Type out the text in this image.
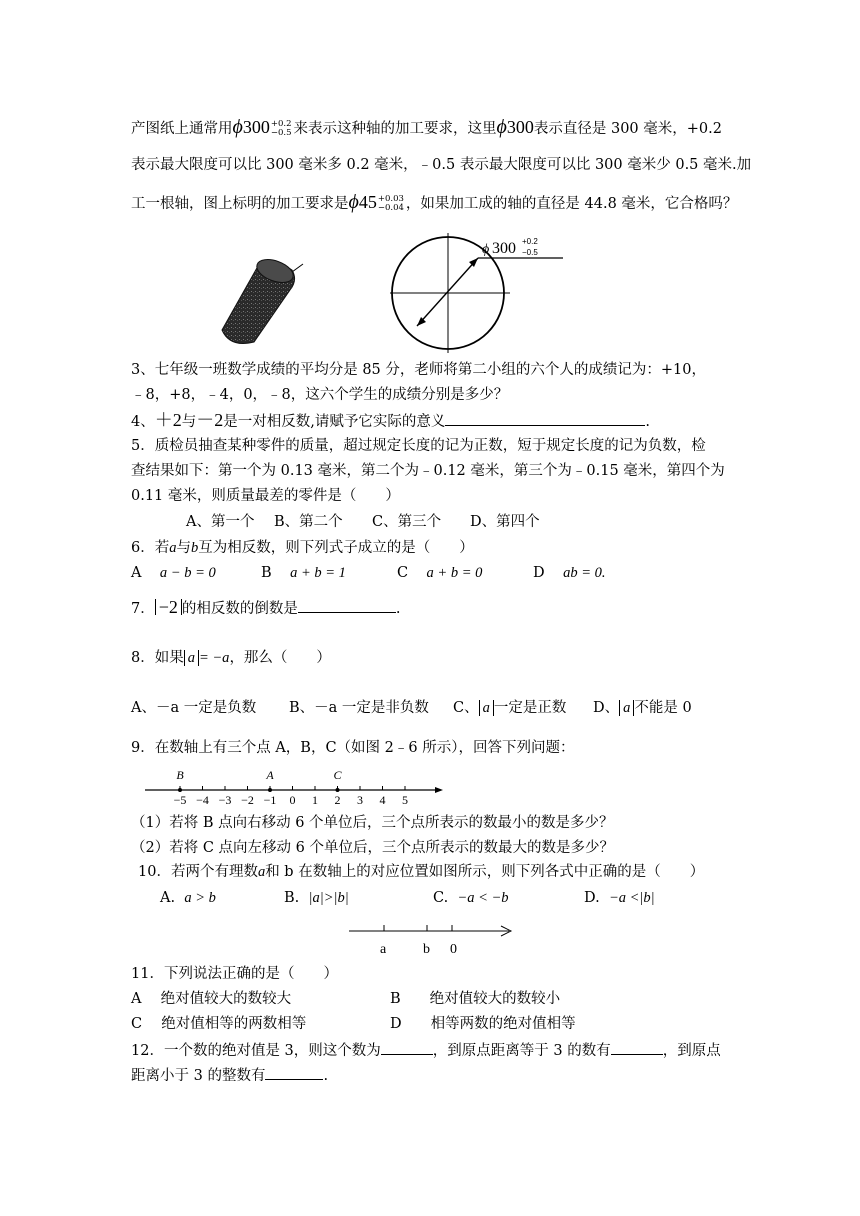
产图纸上通常用ϕ300 +0.2
−0.5 来表示这种轴的加工要求，这里ϕ300表示直径是 300 毫米，+0.2
表示最大限度可以比 300 毫米多 0.2 毫米，﹣0.5 表示最大限度可以比 300 毫米少 0.5 毫米.加
工一根轴，图上标明的加工要求是ϕ45 +0.03
−0.04 ，如果加工成的轴的直径是 44.8 毫米，它合格吗？
ϕ 300 +0.2
−0.5
3、七年级一班数学成绩的平均分是 85 分，老师将第二小组的六个人的成绩记为：+10，
﹣8，+8，﹣4，0，﹣8，这六个学生的成绩分别是多少？
4、＋2与－2是一对相反数,请赋予它实际的意义	.
5．质检员抽查某种零件的质量，超过规定长度的记为正数，短于规定长度的记为负数，检
查结果如下：第一个为 0.13 毫米，第二个为﹣0.12 毫米，第三个为﹣0.15 毫米，第四个为
0.11 毫米，则质量最差的零件是（　　）
A、第一个 B、第二个 C、第三个 D、第四个
6．若a与b互为相反数，则下列式子成立的是（　　）
A a − b = 0	B a + b = 1	C a + b = 0	D ab = 0.
7． −2 的相反数的倒数是	.
8．如果 a = −a，那么（　　）
A、－a 一定是负数 B、－a 一定是非负数 C、 a 一定是正数 D、 a 不能是 0
9．在数轴上有三个点 A，B，C（如图 2﹣6 所示），回答下列问题：
−5 −4 −3 −2 −1 0 1 2 3 4 5
B	A	C
（1）若将 B 点向右移动 6 个单位后，三个点所表示的数最小的数是多少？
（2）若将 C 点向左移动 6 个单位后，三个点所表示的数最大的数是多少？
10．若两个有理数a和 b 在数轴上的对应位置如图所示，则下列各式中正确的是（　　）
A. a > b	B. |a|>|b|	C. −a < −b	D. −a <|b|
a	b 0
11．下列说法正确的是（　　）
A　 绝对值较大的数较大	B　　绝对值较大的数较小
C　 绝对值相等的两数相等	D　　相等两数的绝对值相等
12．一个数的绝对值是 3，则这个数为	，到原点距离等于 3 的数有	，到原点
距离小于 3 的整数有	.
